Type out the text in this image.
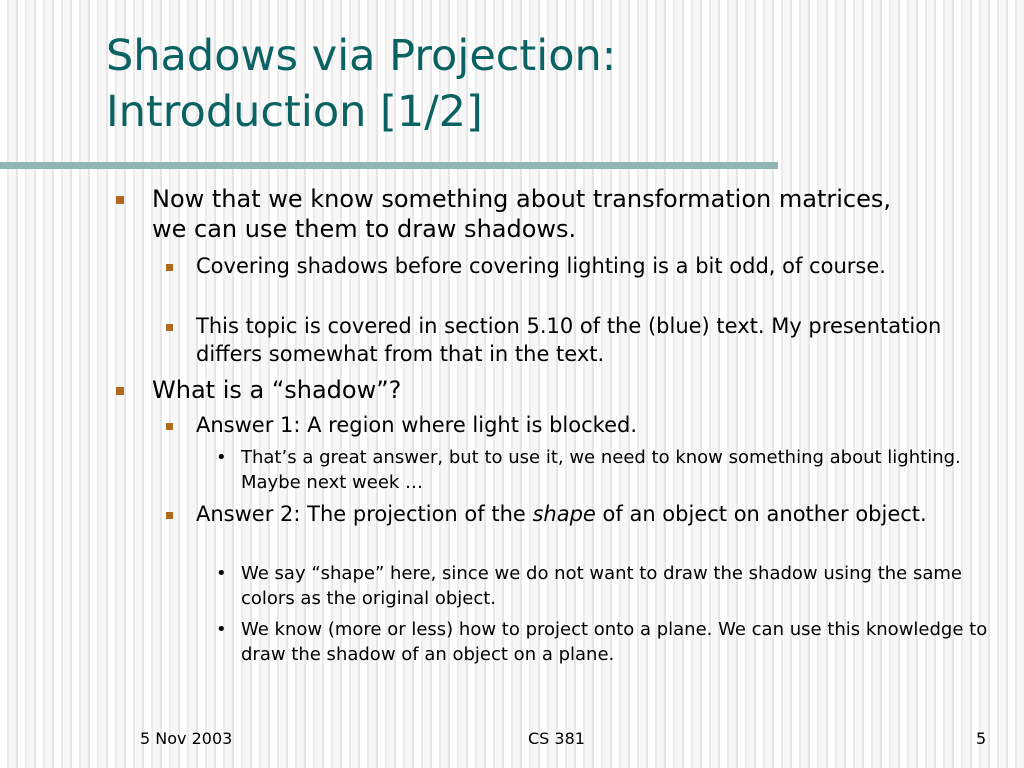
Shadows via Projection:
Introduction [1/2]
Now that we know something about transformation matrices, we can use them to draw shadows.
Covering shadows before covering lighting is a bit odd, of course.
This topic is covered in section 5.10 of the (blue) text. My presentation differs somewhat from that in the text.
What is a “shadow”?
Answer 1: A region where light is blocked.
• That’s a great answer, but to use it, we need to know something about lighting. Maybe next week …
Answer 2: The projection of the shape of an object on another object.
• We say “shape” here, since we do not want to draw the shadow using the same colors as the original object.
• We know (more or less) how to project onto a plane. We can use this knowledge to draw the shadow of an object on a plane.
5 Nov 2003	CS 381	5
